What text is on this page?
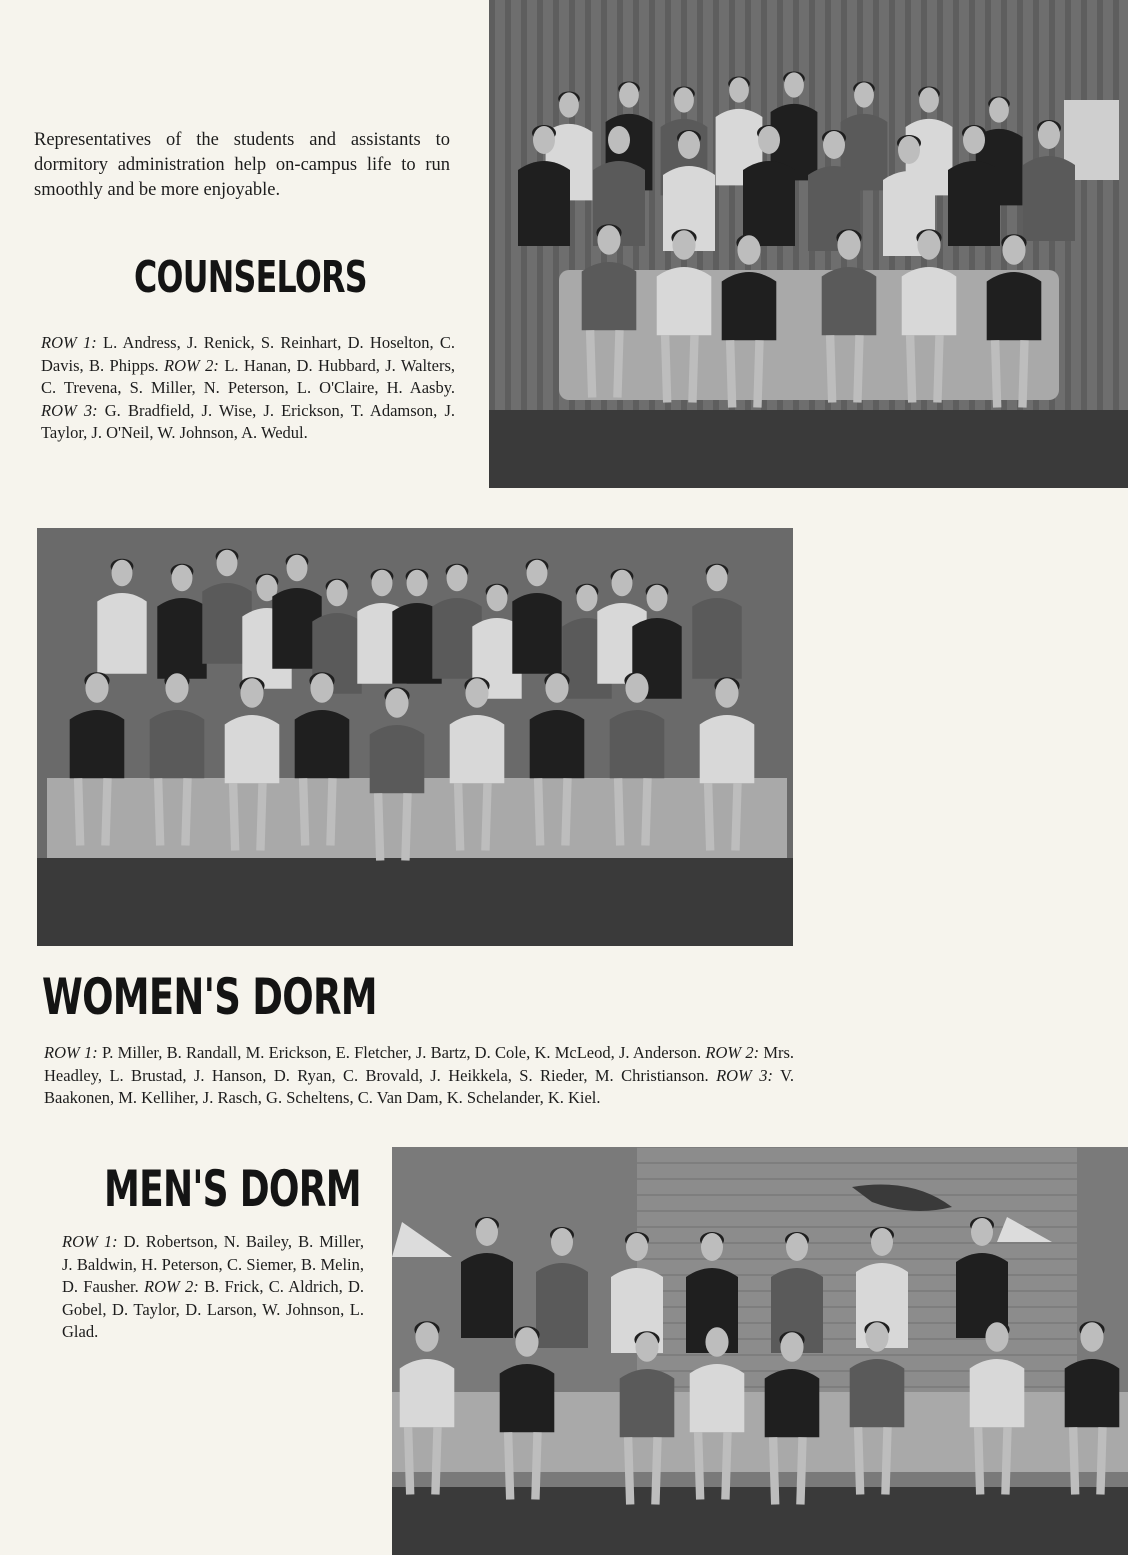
Representatives of the students and assistants to dormitory administration help on-campus life to run smoothly and be more enjoyable.
COUNSELORS
ROW 1: L. Andress, J. Renick, S. Reinhart, D. Hoselton, C. Davis, B. Phipps. ROW 2: L. Hanan, D. Hubbard, J. Walters, C. Trevena, S. Miller, N. Peterson, L. O'Claire, H. Aasby. ROW 3: G. Bradfield, J. Wise, J. Erickson, T. Adamson, J. Taylor, J. O'Neil, W. Johnson, A. Wedul.
WOMEN'S DORM
ROW 1: P. Miller, B. Randall, M. Erickson, E. Fletcher, J. Bartz, D. Cole, K. McLeod, J. Anderson. ROW 2: Mrs. Headley, L. Brustad, J. Hanson, D. Ryan, C. Brovald, J. Heikkela, S. Rieder, M. Christianson. ROW 3: V. Baakonen, M. Kelliher, J. Rasch, G. Scheltens, C. Van Dam, K. Schelander, K. Kiel.
MEN'S DORM
ROW 1: D. Robertson, N. Bailey, B. Miller, J. Baldwin, H. Peterson, C. Siemer, B. Melin, D. Fausher. ROW 2: B. Frick, C. Aldrich, D. Gobel, D. Taylor, D. Larson, W. Johnson, L. Glad.
